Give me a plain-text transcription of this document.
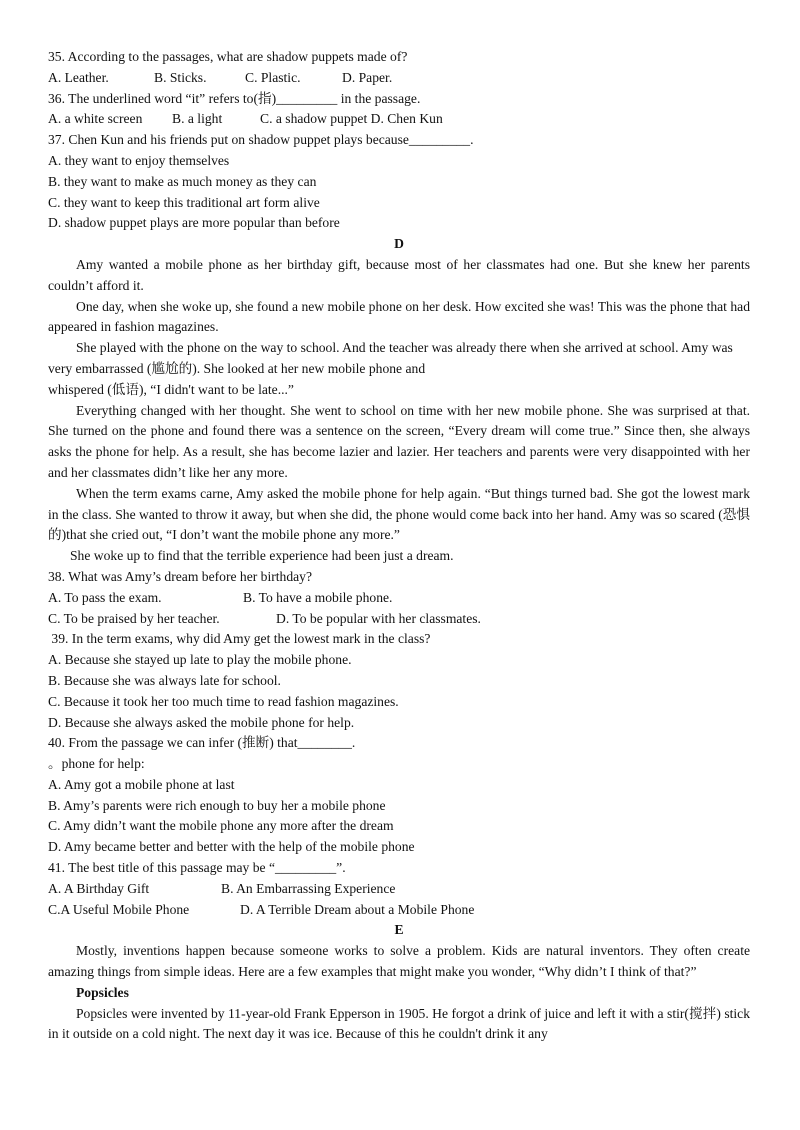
35. According to the passages, what are shadow puppets made of?

A. Leather.

	B. Sticks.

	C. Plastic.

	D. Paper.

36. The underlined word “it” refers to(指)_________ in the passage.

A. a white screen

B. a light

	C. a shadow puppet D. Chen Kun

37. Chen Kun and his friends put on shadow puppet plays because_________.
A. they want to enjoy themselves
B. they want to make as much money as they can
C. they want to keep this traditional art form alive
D. shadow puppet plays are more popular than before
D
Amy wanted a mobile phone as her birthday gift, because most of her classmates had one. But she knew her parents couldn’t afford it.
One day, when she woke up, she found a new mobile phone on her desk. How excited she was! This was the phone that had appeared in fashion magazines.
She played with the phone on the way to school. And the teacher was already there when she arrived at school. Amy was very embarrassed (尴尬的). She looked at her new mobile phone and
whispered (低语), “I didn't want to be late...”
Everything changed with her thought. She went to school on time with her new mobile phone. She was surprised at that. She turned on the phone and found there was a sentence on the screen, “Every dream will come true.” Since then, she always asks the phone for help. As a result, she has become lazier and lazier. Her teachers and parents were very disappointed with her and her classmates didn’t like her any more.
When the term exams carne, Amy asked the mobile phone for help again. “But things turned bad. She got the lowest mark in the class. She wanted to throw it away, but when she did, the phone would come back into her hand. Amy was so scared (恐惧的)that she cried out, “I don’t want the mobile phone any more.”
She woke up to find that the terrible experience had been just a dream.
38. What was Amy’s dream before her birthday?

A. To pass the exam.

	B. To have a mobile phone.

C. To be praised by her teacher.

	D. To be popular with her classmates.

39. In the term exams, why did Amy get the lowest mark in the class?
A. Because she stayed up late to play the mobile phone.
B. Because she was always late for school.
C. Because it took her too much time to read fashion magazines.
D. Because she always asked the mobile phone for help.
40. From the passage we can infer (推断) that________.
。phone for help:
A. Amy got a mobile phone at last
B. Amy’s parents were rich enough to buy her a mobile phone
C. Amy didn’t want the mobile phone any more after the dream
D. Amy became better and better with the help of the mobile phone
41. The best title of this passage may be “_________”.

A. A Birthday Gift

	B. An Embarrassing Experience

C.A Useful Mobile Phone

	D. A Terrible Dream about a Mobile Phone

E
Mostly, inventions happen because someone works to solve a problem. Kids are natural inventors. They often create amazing things from simple ideas. Here are a few examples that might make you wonder, “Why didn’t I think of that?”
Popsicles
Popsicles were invented by 11-year-old Frank Epperson in 1905. He forgot a drink of juice and left it with a stir(搅拌) stick in it outside on a cold night. The next day it was ice. Because of this he couldn't drink it any
